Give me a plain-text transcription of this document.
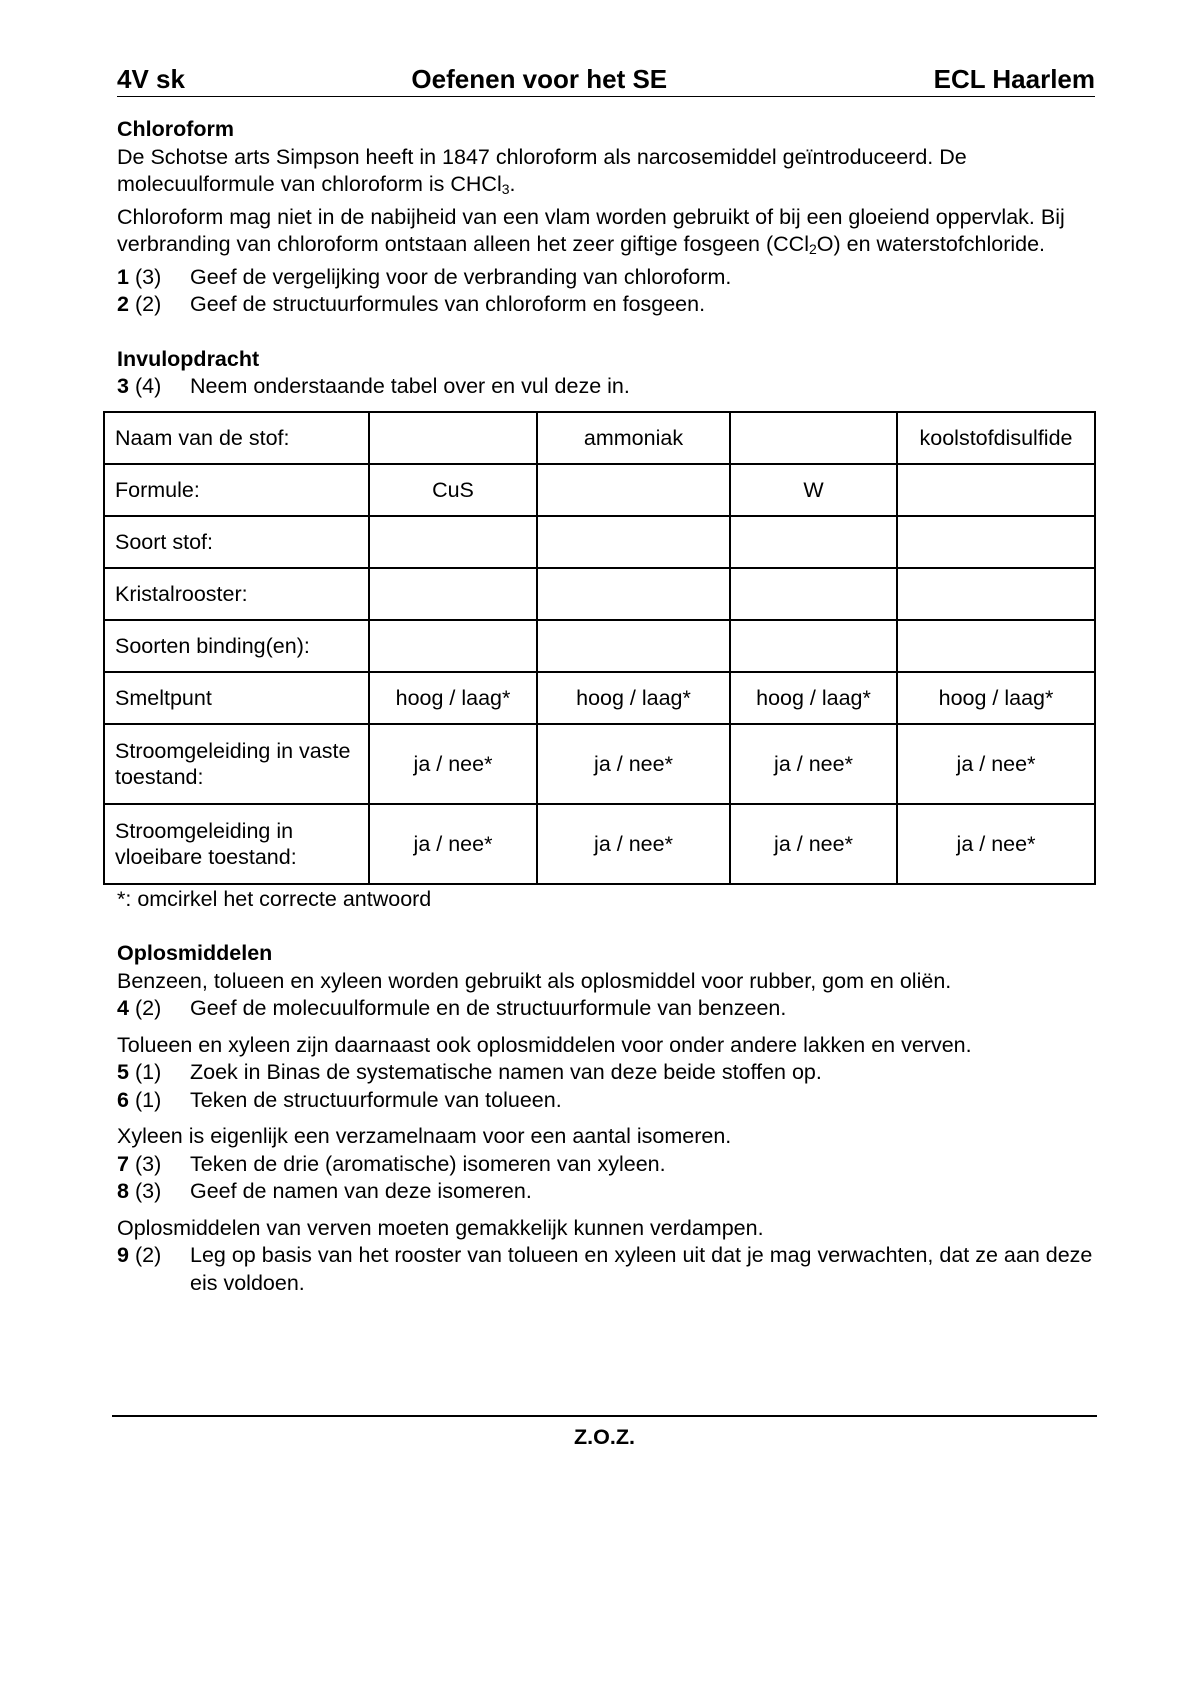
4V sk	Oefenen voor het SE	ECL Haarlem
Chloroform
De Schotse arts Simpson heeft in 1847 chloroform als narcosemiddel geïntroduceerd. De molecuulformule van chloroform is CHCl$_3$.
Chloroform mag niet in de nabijheid van een vlam worden gebruikt of bij een gloeiend oppervlak. Bij verbranding van chloroform ontstaan alleen het zeer giftige fosgeen (CCl$_2$O) en waterstofchloride.
1 (3)	Geef de vergelijking voor de verbranding van chloroform.
2 (2)	Geef de structuurformules van chloroform en fosgeen.
Invulopdracht
3 (4)	Neem onderstaande tabel over en vul deze in.
Naam van de stof:		ammoniak		koolstofdisulfide
Formule:	CuS		W	
Soort stof:				
Kristalrooster:				
Soorten binding(en):				
Smeltpunt	hoog / laag*	hoog / laag*	hoog / laag*	hoog / laag*
Stroomgeleiding in vaste toestand:	ja / nee*	ja / nee*	ja / nee*	ja / nee*
Stroomgeleiding in vloeibare toestand:	ja / nee*	ja / nee*	ja / nee*	ja / nee*
*: omcirkel het correcte antwoord
Oplosmiddelen
Benzeen, tolueen en xyleen worden gebruikt als oplosmiddel voor rubber, gom en oliën.
4 (2)	Geef de molecuulformule en de structuurformule van benzeen.
Tolueen en xyleen zijn daarnaast ook oplosmiddelen voor onder andere lakken en verven.
5 (1)	Zoek in Binas de systematische namen van deze beide stoffen op.
6 (1)	Teken de structuurformule van tolueen.
Xyleen is eigenlijk een verzamelnaam voor een aantal isomeren.
7 (3)	Teken de drie (aromatische) isomeren van xyleen.
8 (3)	Geef de namen van deze isomeren.
Oplosmiddelen van verven moeten gemakkelijk kunnen verdampen.
9 (2)	Leg op basis van het rooster van tolueen en xyleen uit dat je mag verwachten, dat ze aan deze eis voldoen.
Z.O.Z.
